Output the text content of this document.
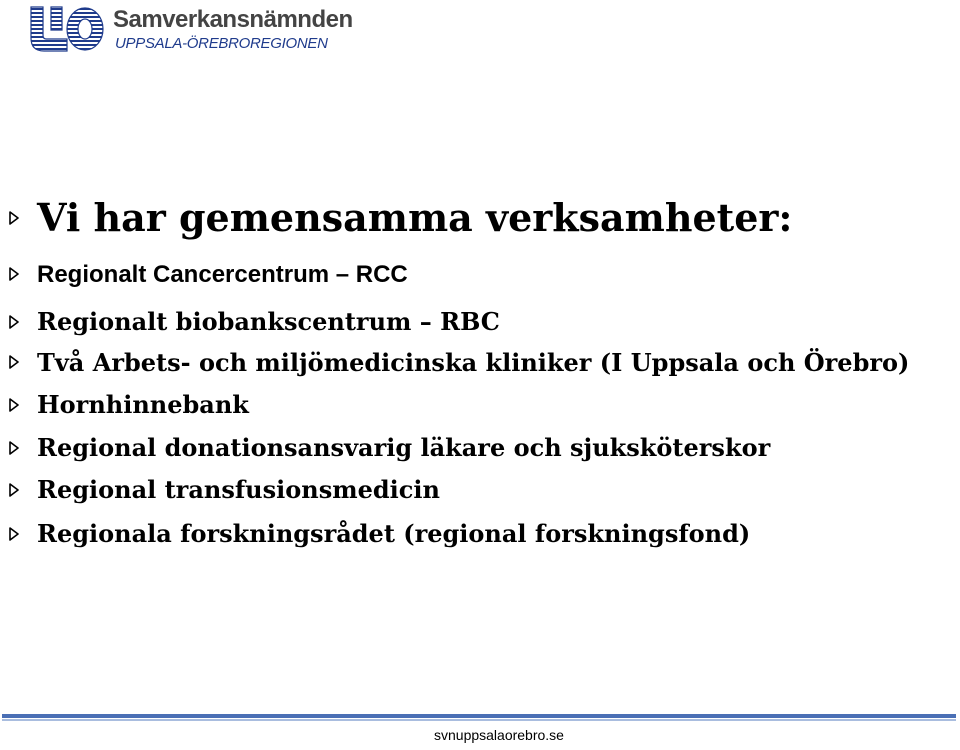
Samverkansnämnden

UPPSALA-ÖREBROREGIONEN

Vi har gemensamma verksamheter:
Regionalt Cancercentrum – RCC
Regionalt biobankscentrum – RBC
Två Arbets- och miljömedicinska kliniker (I Uppsala och Örebro)
Hornhinnebank
Regional donationsansvarig läkare och sjuksköterskor
Regional transfusionsmedicin
Regionala forskningsrådet (regional forskningsfond)

svnuppsalaorebro.se
